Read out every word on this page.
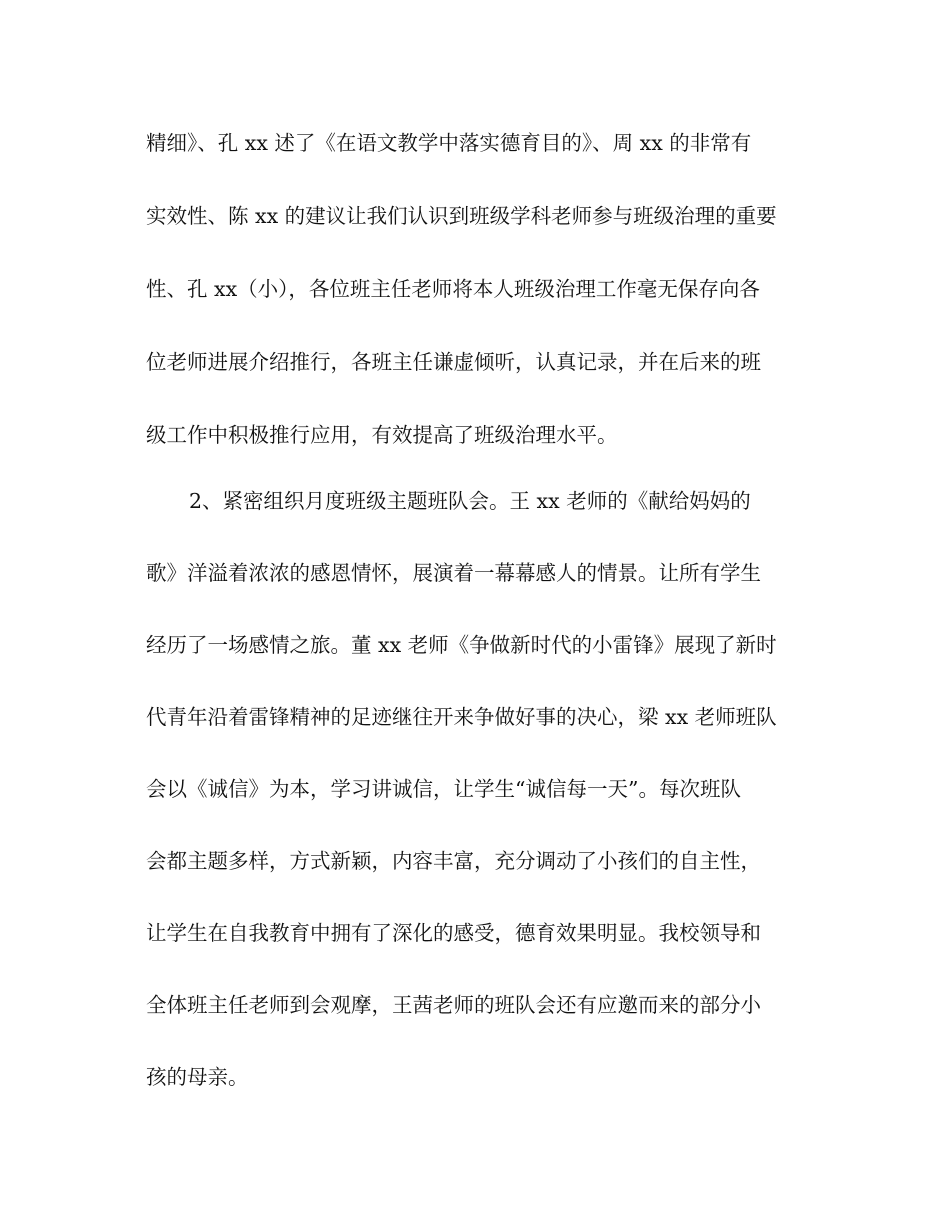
精细》、孔 xx 述了《在语文教学中落实德育目的》、周 xx 的非常有
实效性、陈 xx 的建议让我们认识到班级学科老师参与班级治理的重要
性、孔 xx（小），各位班主任老师将本人班级治理工作毫无保存向各
位老师进展介绍推行，各班主任谦虚倾听，认真记录，并在后来的班
级工作中积极推行应用，有效提高了班级治理水平。
2、紧密组织月度班级主题班队会。王 xx 老师的《献给妈妈的
歌》洋溢着浓浓的感恩情怀，展演着一幕幕感人的情景。让所有学生
经历了一场感情之旅。董 xx 老师《争做新时代的小雷锋》展现了新时
代青年沿着雷锋精神的足迹继往开来争做好事的决心，梁 xx 老师班队
会以《诚信》为本，学习讲诚信，让学生“诚信每一天”。每次班队
会都主题多样，方式新颖，内容丰富，充分调动了小孩们的自主性，
让学生在自我教育中拥有了深化的感受，德育效果明显。我校领导和
全体班主任老师到会观摩，王茜老师的班队会还有应邀而来的部分小
孩的母亲。
